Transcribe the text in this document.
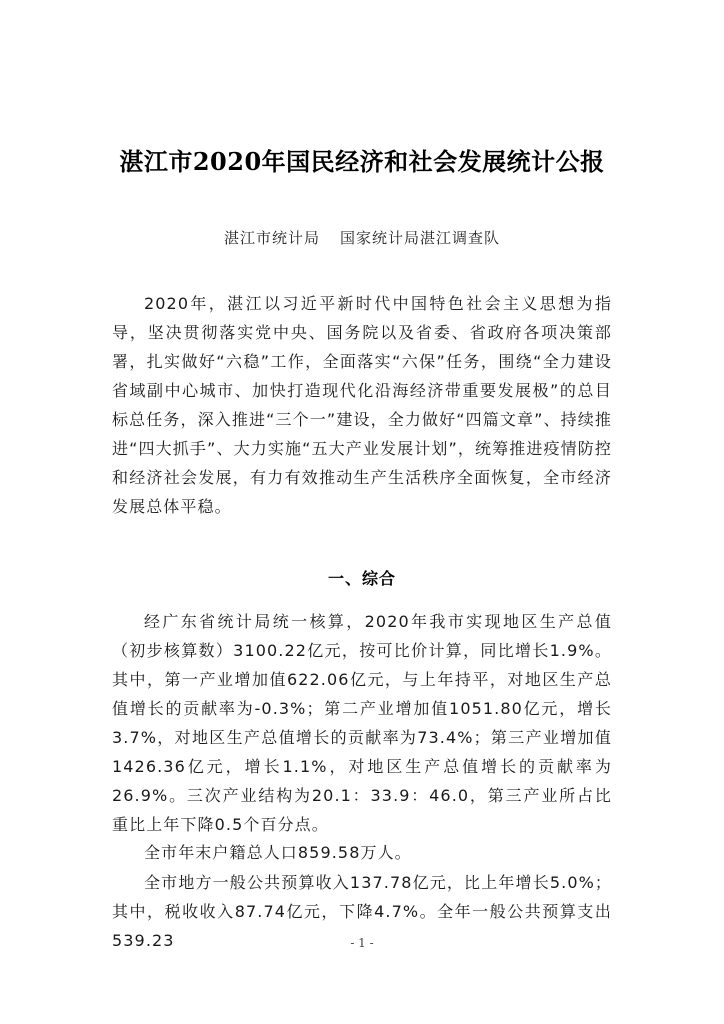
湛江市2020年国民经济和社会发展统计公报
湛江市统计局 国家统计局湛江调查队
2020年，湛江以习近平新时代中国特色社会主义思想为指导，坚决贯彻落实党中央、国务院以及省委、省政府各项决策部署，扎实做好“六稳”工作，全面落实“六保”任务，围绕“全力建设省域副中心城市、加快打造现代化沿海经济带重要发展极”的总目标总任务，深入推进“三个一”建设，全力做好“四篇文章”、持续推进“四大抓手”、大力实施“五大产业发展计划”，统筹推进疫情防控和经济社会发展，有力有效推动生产生活秩序全面恢复，全市经济发展总体平稳。
一、综合
经广东省统计局统一核算，2020年我市实现地区生产总值（初步核算数）3100.22亿元，按可比价计算，同比增长1.9%。其中，第一产业增加值622.06亿元，与上年持平，对地区生产总值增长的贡献率为-0.3%；第二产业增加值1051.80亿元，增长3.7%，对地区生产总值增长的贡献率为73.4%；第三产业增加值1426.36亿元，增长1.1%，对地区生产总值增长的贡献率为26.9%。三次产业结构为20.1：33.9：46.0，第三产业所占比重比上年下降0.5个百分点。
全市年末户籍总人口859.58万人。
全市地方一般公共预算收入137.78亿元，比上年增长5.0%；其中，税收收入87.74亿元，下降4.7%。全年一般公共预算支出539.23	- 1 -
